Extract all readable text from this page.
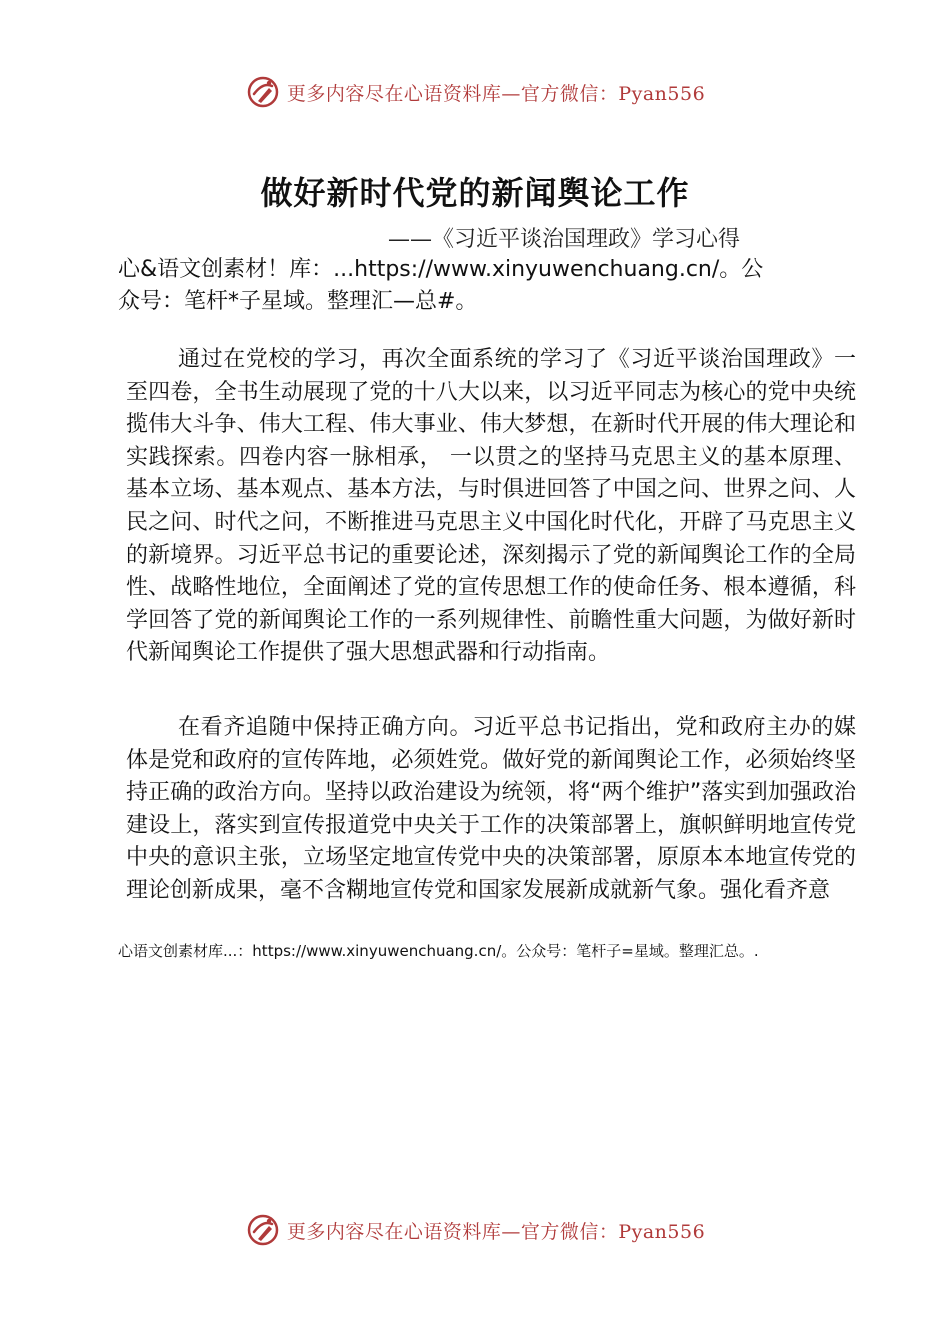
更多内容尽在心语资料库—官方微信：Pyan556
做好新时代党的新闻舆论工作
——《习近平谈治国理政》学习心得
心&语文创素材！库：...https://www.xinyuwenchuang.cn/。公
众号：笔杆*子星域。整理汇—总#。

通过在党校的学习，再次全面系统的学习了《习近平谈治国理政》一至四卷，全书生动展现了党的十八大以来，以习近平同志为核心的党中央统揽伟大斗争、伟大工程、伟大事业、伟大梦想，在新时代开展的伟大理论和实践探索。四卷内容一脉相承， 一以贯之的坚持马克思主义的基本原理、基本立场、基本观点、基本方法，与时俱进回答了中国之问、世界之问、人民之问、时代之问，不断推进马克思主义中国化时代化，开辟了马克思主义的新境界。习近平总书记的重要论述，深刻揭示了党的新闻舆论工作的全局性、战略性地位，全面阐述了党的宣传思想工作的使命任务、根本遵循，科学回答了党的新闻舆论工作的一系列规律性、前瞻性重大问题，为做好新时代新闻舆论工作提供了强大思想武器和行动指南。

在看齐追随中保持正确方向。习近平总书记指出，党和政府主办的媒体是党和政府的宣传阵地，必须姓党。做好党的新闻舆论工作，必须始终坚持正确的政治方向。坚持以政治建设为统领，将“两个维护”落实到加强政治建设上，落实到宣传报道党中央关于工作的决策部署上，旗帜鲜明地宣传党中央的意识主张，立场坚定地宣传党中央的决策部署，原原本本地宣传党的理论创新成果，毫不含糊地宣传党和国家发展新成就新气象。强化看齐意

心语文创素材库...：https://www.xinyuwenchuang.cn/。公众号：笔杆子=星域。整理汇总。.
更多内容尽在心语资料库—官方微信：Pyan556
